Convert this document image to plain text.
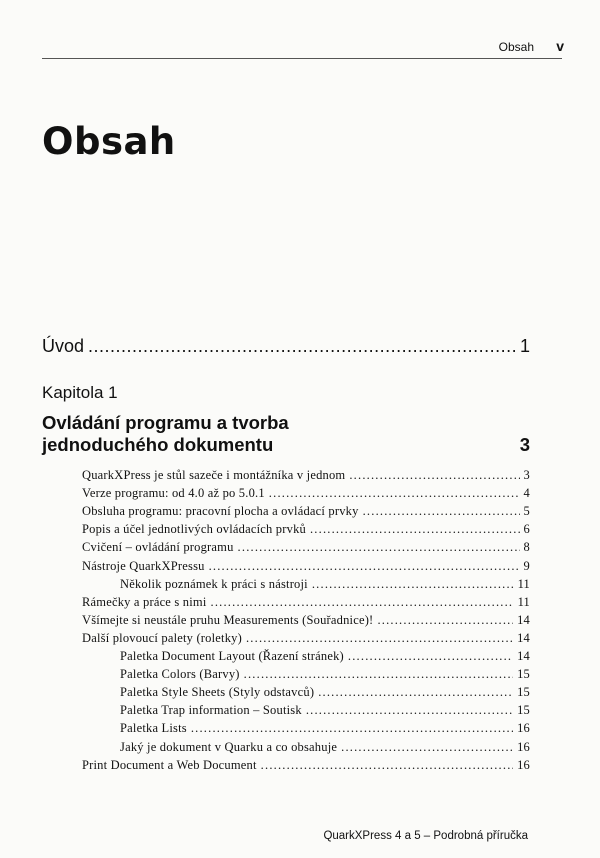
Obsah v
Obsah
Úvod .....	1
Kapitola 1
Ovládání programu a tvorba jednoduchého dokumentu	3
QuarkXPress je stůl sazeče i montážníka v jednom .....	3
Verze programu: od 4.0 až po 5.0.1 .....	4
Obsluha programu: pracovní plocha a ovládací prvky .....	5
Popis a účel jednotlivých ovládacích prvků .....	6
Cvičení – ovládání programu .....	8
Nástroje QuarkXPressu .....	9
Několik poznámek k práci s nástroji .....	11
Rámečky a práce s nimi .....	11
Všímejte si neustále pruhu Measurements (Souřadnice)! .....	14
Další plovoucí palety (roletky) .....	14
Paletka Document Layout (Řazení stránek) .....	14
Paletka Colors (Barvy) .....	15
Paletka Style Sheets (Styly odstavců) .....	15
Paletka Trap information – Soutisk .....	15
Paletka Lists .....	16
Jaký je dokument v Quarku a co obsahuje .....	16
Print Document a Web Document .....	16
QuarkXPress 4 a 5 – Podrobná příručka
